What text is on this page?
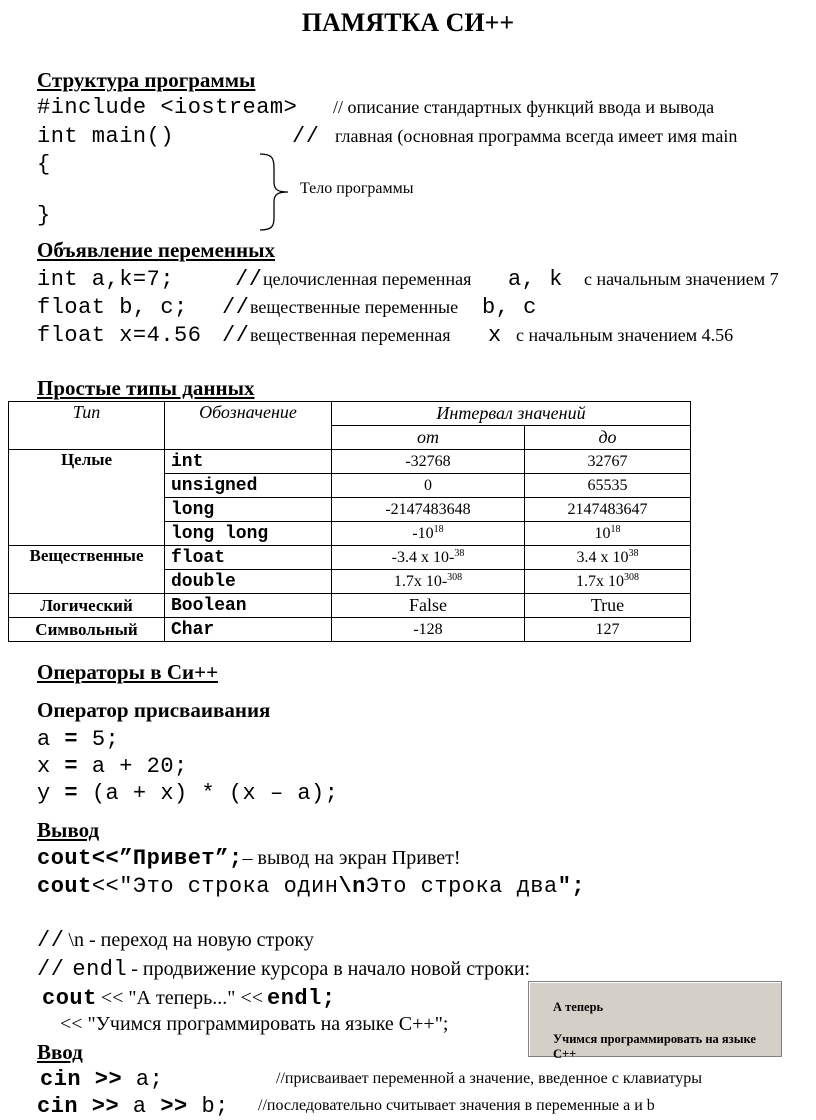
ПАМЯТКА СИ++
Структура программы
#include <iostream> // описание стандартных функций ввода и вывода
int main()	// главная (основная программа всегда имеет имя main
{
}
Тело программы
Объявление переменных
int a,k=7;	// целочисленная переменная a, k с начальным значением 7
float b, c; // вещественные переменные b, c
float x=4.56 // вещественная переменная x с начальным значением 4.56
Простые типы данных
Тип	Обозначение	Интервал значений	
		от	до
Целые	int	-32768	32767
	unsigned	0	65535
	long	-2147483648	2147483647
	long long	$-10^{18}$	$10^{18}$
Вещественные	float	-3.4 x 10-$^{38}$	3.4 x $10^{38}$
	double	1.7x 10-$^{308}$	1.7x $10^{308}$
Логический	Boolean	False	True
Символьный	Char	-128	127
Операторы в Си++
Оператор присваивания
a = 5;
x = a + 20;
y = (a + x) * (x – a);
Вывод
cout<<”Привет”;– вывод на экран Привет!
cout<<"Это строка один\nЭто строка два";
// \n - переход на новую строку
// endl - продвижение курсора в начало новой строки:
cout << "А теперь..." << endl;
<< "Учимся программировать на языке С++";
А теперь
Учимся программировать на языке С++
Ввод
cin >> a;	//присваивает переменной а значение, введенное с клавиатуры
cin >> a >> b; //последовательно считывает значения в переменные а и b
